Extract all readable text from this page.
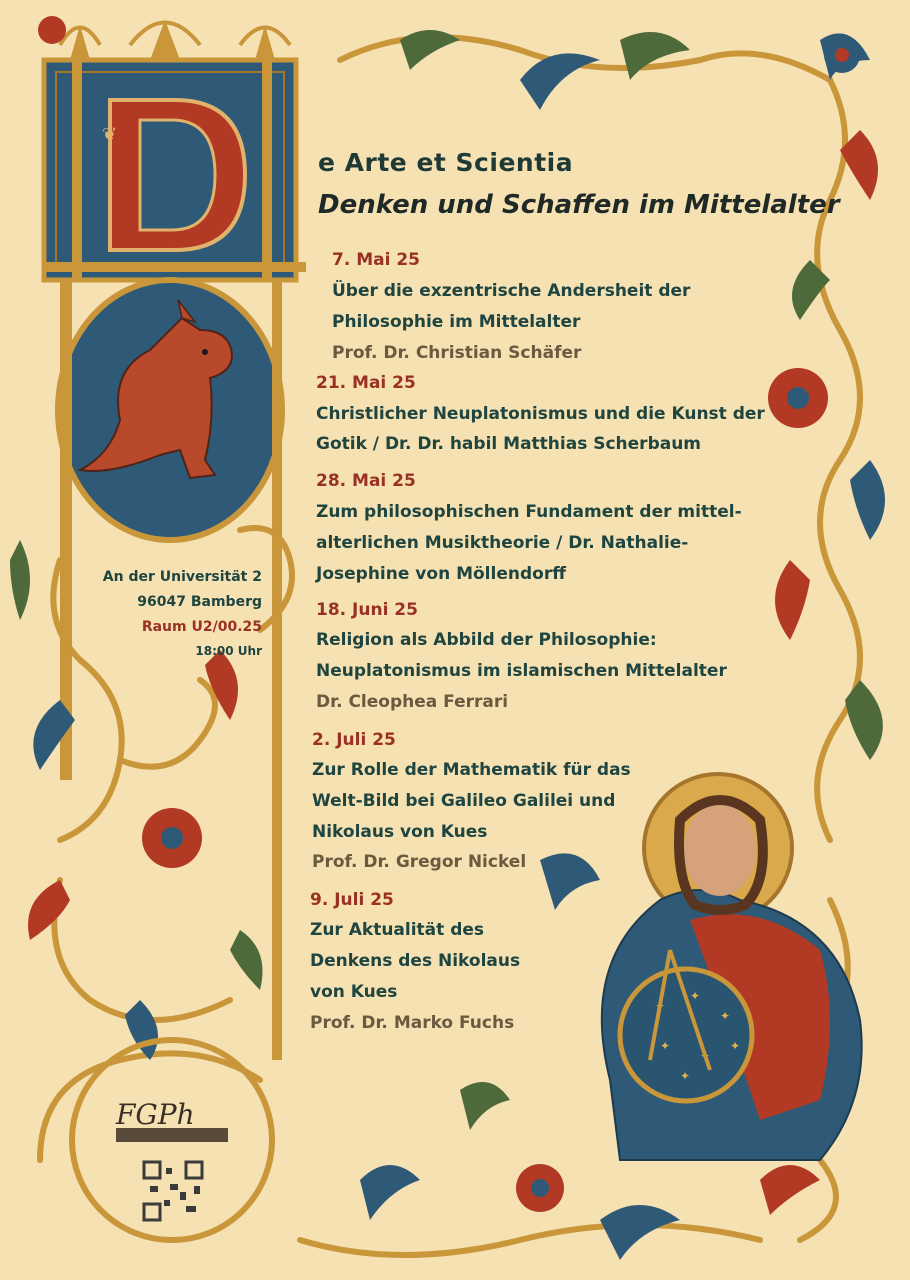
❦
✦
✦
✦
✦
✦
✦
✦
e Arte et Scientia
Denken und Schaffen im Mittelalter
7. Mai 25
Über die exzentrische Andersheit der
Philosophie im Mittelalter
Prof. Dr. Christian Schäfer
21. Mai 25
Christlicher Neuplatonismus und die Kunst der
Gotik / Dr. Dr. habil Matthias Scherbaum
28. Mai 25
Zum philosophischen Fundament der mittel-
alterlichen Musiktheorie / Dr. Nathalie-
Josephine von Möllendorff
18. Juni 25
Religion als Abbild der Philosophie:
Neuplatonismus im islamischen Mittelalter
Dr. Cleophea Ferrari
2. Juli 25
Zur Rolle der Mathematik für das
Welt-Bild bei Galileo Galilei und
Nikolaus von Kues
Prof. Dr. Gregor Nickel
9. Juli 25
Zur Aktualität des
Denkens des Nikolaus
von Kues
Prof. Dr. Marko Fuchs
An der Universität 2
96047 Bamberg
Raum U2/00.25
18:00 Uhr
FGPh
